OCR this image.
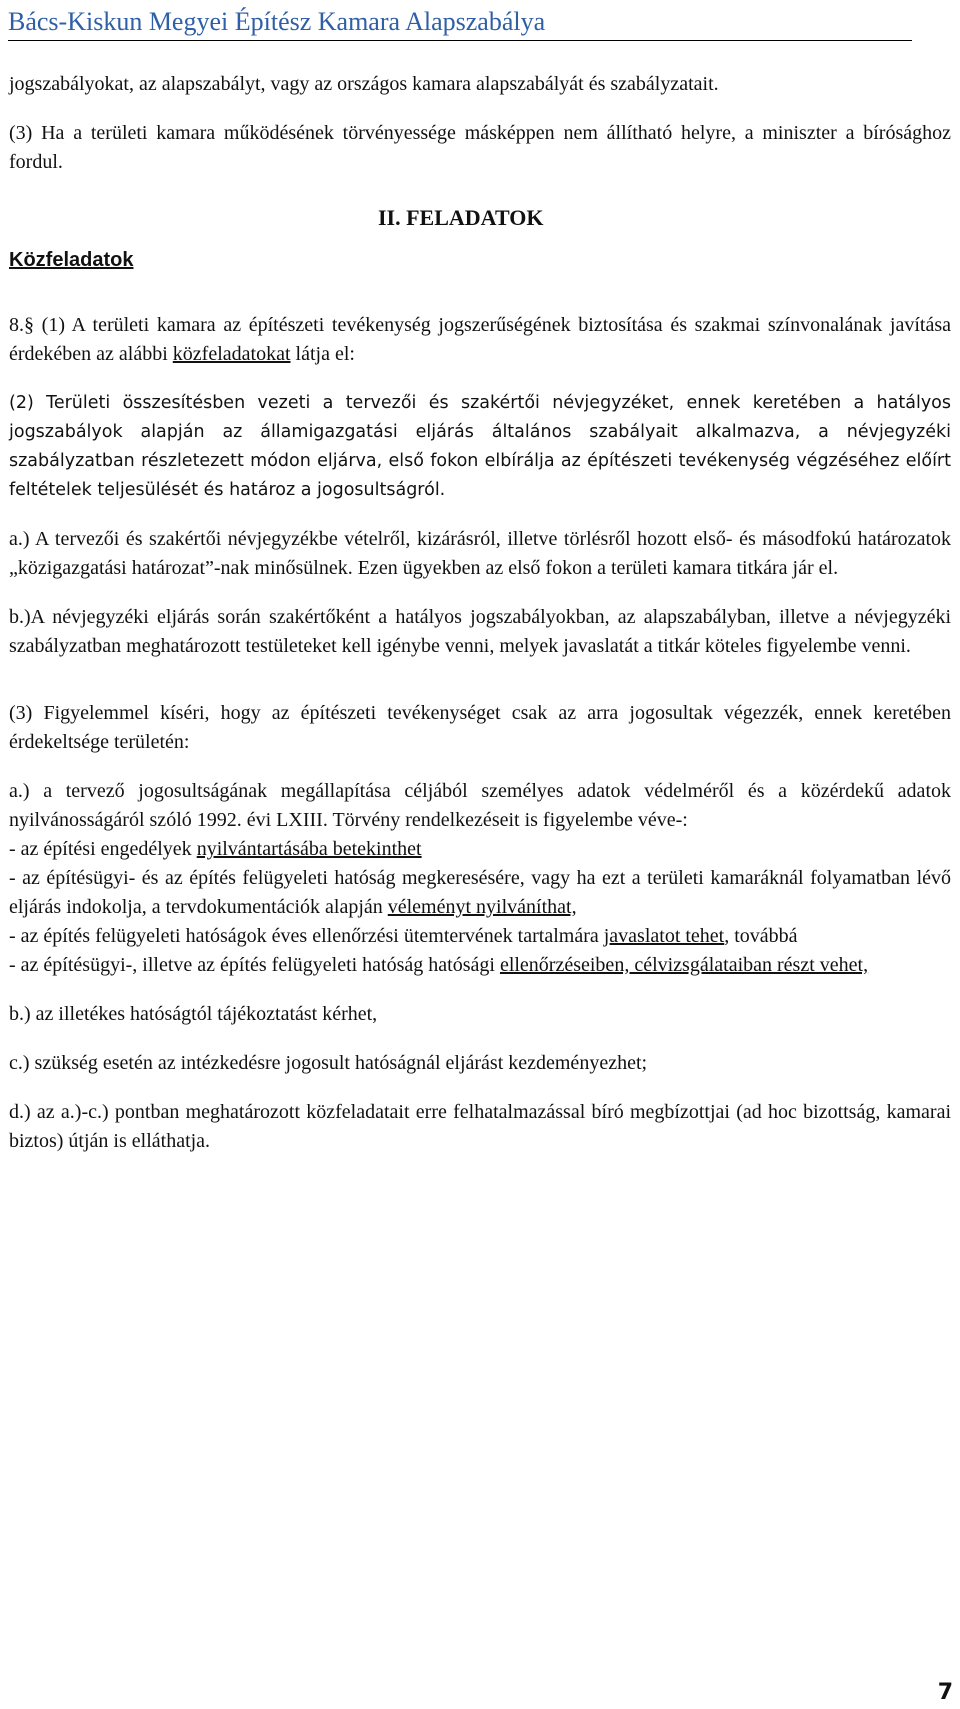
Bács-Kiskun Megyei Építész Kamara Alapszabálya

jogszabályokat, az alapszabályt, vagy az országos kamara alapszabályát és szabályzatait.

(3) Ha a területi kamara működésének törvényessége másképpen nem állítható helyre, a miniszter a bírósághoz fordul.

II. FELADATOK

Közfeladatok

8.§ (1) A területi kamara az építészeti tevékenység jogszerűségének biztosítása és szakmai színvonalának javítása érdekében az alábbi közfeladatokat látja el:

(2) Területi összesítésben vezeti a tervezői és szakértői névjegyzéket, ennek keretében a hatályos jogszabályok alapján az államigazgatási eljárás általános szabályait alkalmazva, a névjegyzéki szabályzatban részletezett módon eljárva, első fokon elbírálja az építészeti tevékenység végzéséhez előírt feltételek teljesülését és határoz a jogosultságról.

a.) A tervezői és szakértői névjegyzékbe vételről, kizárásról, illetve törlésről hozott első- és másodfokú határozatok „közigazgatási határozat”-nak minősülnek. Ezen ügyekben az első fokon a területi kamara titkára jár el.

b.)A névjegyzéki eljárás során szakértőként a hatályos jogszabályokban, az alapszabályban, illetve a névjegyzéki szabályzatban meghatározott testületeket kell igénybe venni, melyek javaslatát a titkár köteles figyelembe venni.

(3) Figyelemmel kíséri, hogy az építészeti tevékenységet csak az arra jogosultak végezzék, ennek keretében érdekeltsége területén:

a.) a tervező jogosultságának megállapítása céljából személyes adatok védelméről és a közérdekű adatok nyilvánosságáról szóló 1992. évi LXIII. Törvény rendelkezéseit is figyelembe véve-:

- az építési engedélyek nyilvántartásába betekinthet

- az építésügyi- és az építés felügyeleti hatóság megkeresésére, vagy ha ezt a területi kamaráknál folyamatban lévő eljárás indokolja, a tervdokumentációk alapján véleményt nyilváníthat,

- az építés felügyeleti hatóságok éves ellenőrzési ütemtervének tartalmára javaslatot tehet, továbbá

- az építésügyi-, illetve az építés felügyeleti hatóság hatósági ellenőrzéseiben, célvizsgálataiban részt vehet,

b.) az illetékes hatóságtól tájékoztatást kérhet,

c.) szükség esetén az intézkedésre jogosult hatóságnál eljárást kezdeményezhet;

d.) az a.)-c.) pontban meghatározott közfeladatait erre felhatalmazással bíró megbízottjai (ad hoc bizottság, kamarai biztos) útján is elláthatja.

7
